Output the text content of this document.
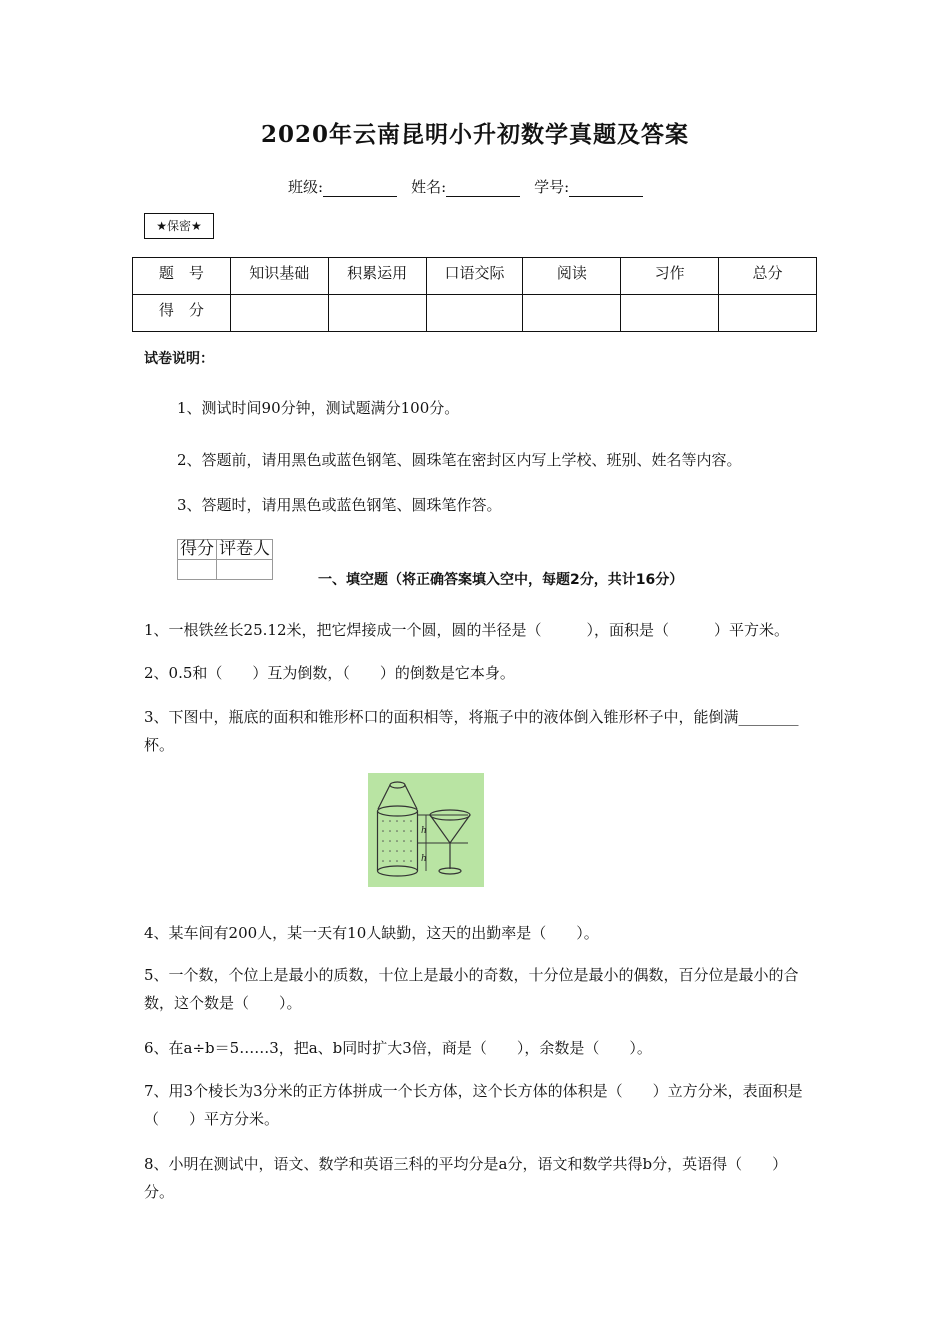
2020年云南昆明小升初数学真题及答案
班级:	姓名:	学号:
★保密★
题　号	知识基础	积累运用	口语交际	阅读	习作	总分
得　分						
试卷说明：
1、测试时间90分钟，测试题满分100分。
2、答题前，请用黑色或蓝色钢笔、圆珠笔在密封区内写上学校、班别、姓名等内容。
3、答题时，请用黑色或蓝色钢笔、圆珠笔作答。
得分	评卷人

一、填空题（将正确答案填入空中，每题2分，共计16分）
1、一根铁丝长25.12米，把它焊接成一个圆，圆的半径是（　　　），面积是（　　　）平方米。
2、0.5和（　　）互为倒数，（　　）的倒数是它本身。
3、下图中，瓶底的面积和锥形杯口的面积相等，将瓶子中的液体倒入锥形杯子中，能倒满________杯。
h
h
4、某车间有200人，某一天有10人缺勤，这天的出勤率是（　　）。
5、一个数，个位上是最小的质数，十位上是最小的奇数，十分位是最小的偶数，百分位是最小的合数，这个数是（　　）。
6、在a÷b＝5……3，把a、b同时扩大3倍，商是（　　），余数是（　　）。
7、用3个棱长为3分米的正方体拼成一个长方体，这个长方体的体积是（　　）立方分米，表面积是（　　）平方分米。
8、小明在测试中，语文、数学和英语三科的平均分是a分，语文和数学共得b分，英语得（　　）分。
